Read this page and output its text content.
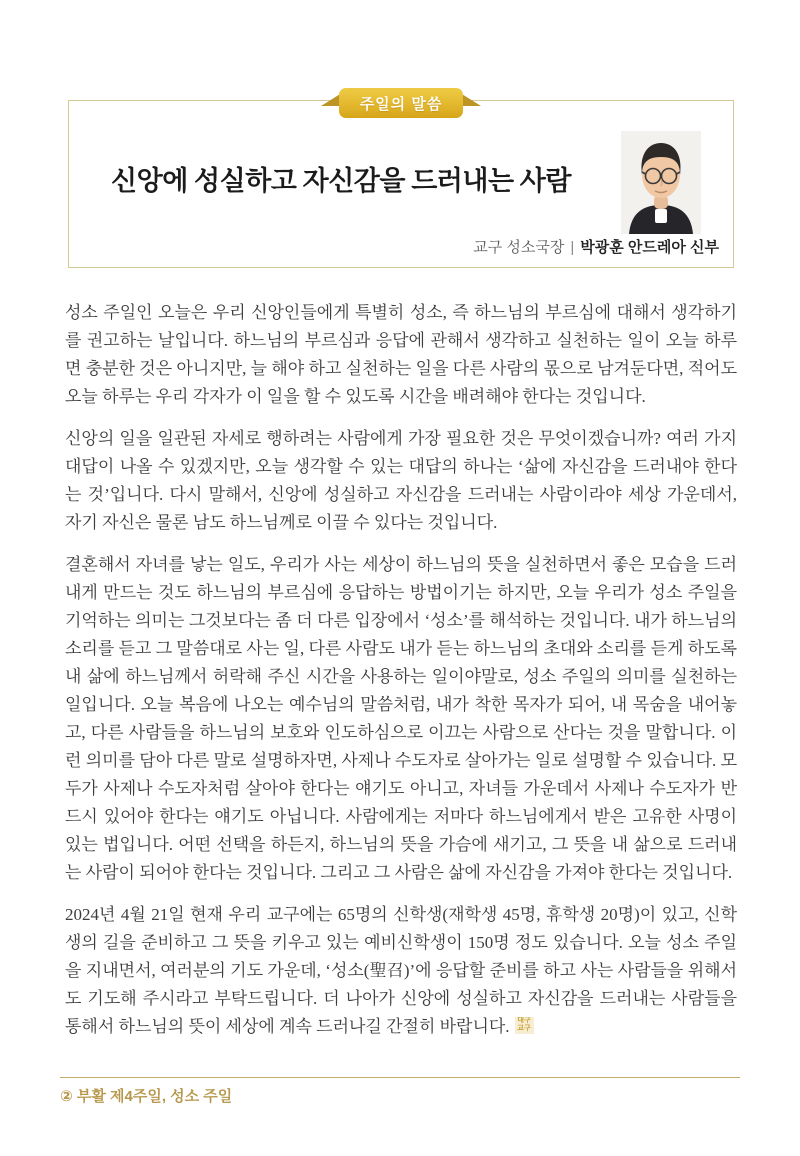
주일의 말씀
신앙에 성실하고 자신감을 드러내는 사람
교구 성소국장 | 박광훈 안드레아 신부

성소 주일인 오늘은 우리 신앙인들에게 특별히 성소, 즉 하느님의 부르심에 대해서 생각하기를 권고하는 날입니다. 하느님의 부르심과 응답에 관해서 생각하고 실천하는 일이 오늘 하루면 충분한 것은 아니지만, 늘 해야 하고 실천하는 일을 다른 사람의 몫으로 남겨둔다면, 적어도 오늘 하루는 우리 각자가 이 일을 할 수 있도록 시간을 배려해야 한다는 것입니다.

신앙의 일을 일관된 자세로 행하려는 사람에게 가장 필요한 것은 무엇이겠습니까? 여러 가지 대답이 나올 수 있겠지만, 오늘 생각할 수 있는 대답의 하나는 ‘삶에 자신감을 드러내야 한다는 것’입니다. 다시 말해서, 신앙에 성실하고 자신감을 드러내는 사람이라야 세상 가운데서, 자기 자신은 물론 남도 하느님께로 이끌 수 있다는 것입니다.

결혼해서 자녀를 낳는 일도, 우리가 사는 세상이 하느님의 뜻을 실천하면서 좋은 모습을 드러내게 만드는 것도 하느님의 부르심에 응답하는 방법이기는 하지만, 오늘 우리가 성소 주일을 기억하는 의미는 그것보다는 좀 더 다른 입장에서 ‘성소’를 해석하는 것입니다. 내가 하느님의 소리를 듣고 그 말씀대로 사는 일, 다른 사람도 내가 듣는 하느님의 초대와 소리를 듣게 하도록 내 삶에 하느님께서 허락해 주신 시간을 사용하는 일이야말로, 성소 주일의 의미를 실천하는 일입니다. 오늘 복음에 나오는 예수님의 말씀처럼, 내가 착한 목자가 되어, 내 목숨을 내어놓고, 다른 사람들을 하느님의 보호와 인도하심으로 이끄는 사람으로 산다는 것을 말합니다. 이런 의미를 담아 다른 말로 설명하자면, 사제나 수도자로 살아가는 일로 설명할 수 있습니다. 모두가 사제나 수도자처럼 살아야 한다는 얘기도 아니고, 자녀들 가운데서 사제나 수도자가 반드시 있어야 한다는 얘기도 아닙니다. 사람에게는 저마다 하느님에게서 받은 고유한 사명이 있는 법입니다. 어떤 선택을 하든지, 하느님의 뜻을 가슴에 새기고, 그 뜻을 내 삶으로 드러내는 사람이 되어야 한다는 것입니다. 그리고 그 사람은 삶에 자신감을 가져야 한다는 것입니다.

2024년 4월 21일 현재 우리 교구에는 65명의 신학생(재학생 45명, 휴학생 20명)이 있고, 신학생의 길을 준비하고 그 뜻을 키우고 있는 예비신학생이 150명 정도 있습니다. 오늘 성소 주일을 지내면서, 여러분의 기도 가운데, ‘성소(聖召)’에 응답할 준비를 하고 사는 사람들을 위해서도 기도해 주시라고 부탁드립니다. 더 나아가 신앙에 성실하고 자신감을 드러내는 사람들을 통해서 하느님의 뜻이 세상에 계속 드러나길 간절히 바랍니다. 대구
교구

② 부활 제4주일, 성소 주일
